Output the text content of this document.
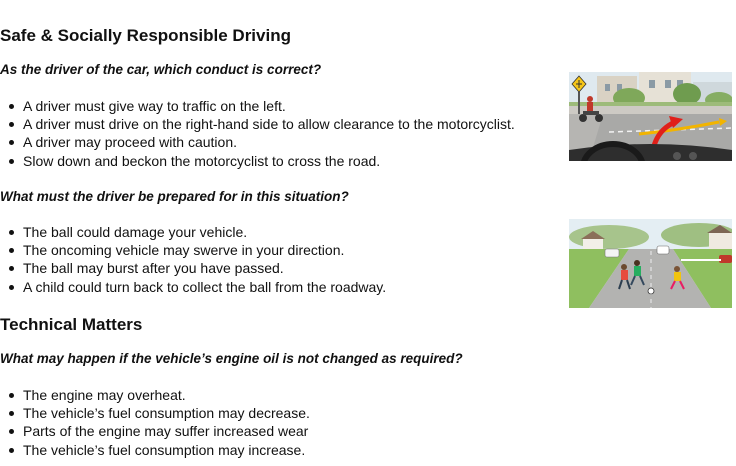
Safe & Socially Responsible Driving

As the driver of the car, which conduct is correct?

A driver must give way to traffic on the left.
A driver must drive on the right-hand side to allow clearance to the motorcyclist.
A driver may proceed with caution.
Slow down and beckon the motorcyclist to cross the road.

What must the driver be prepared for in this situation?

The ball could damage your vehicle.
The oncoming vehicle may swerve in your direction.
The ball may burst after you have passed.
A child could turn back to collect the ball from the roadway.
Technical Matters

What may happen if the vehicle’s engine oil is not changed as required?

The engine may overheat.
The vehicle’s fuel consumption may decrease.
Parts of the engine may suffer increased wear
The vehicle’s fuel consumption may increase.
